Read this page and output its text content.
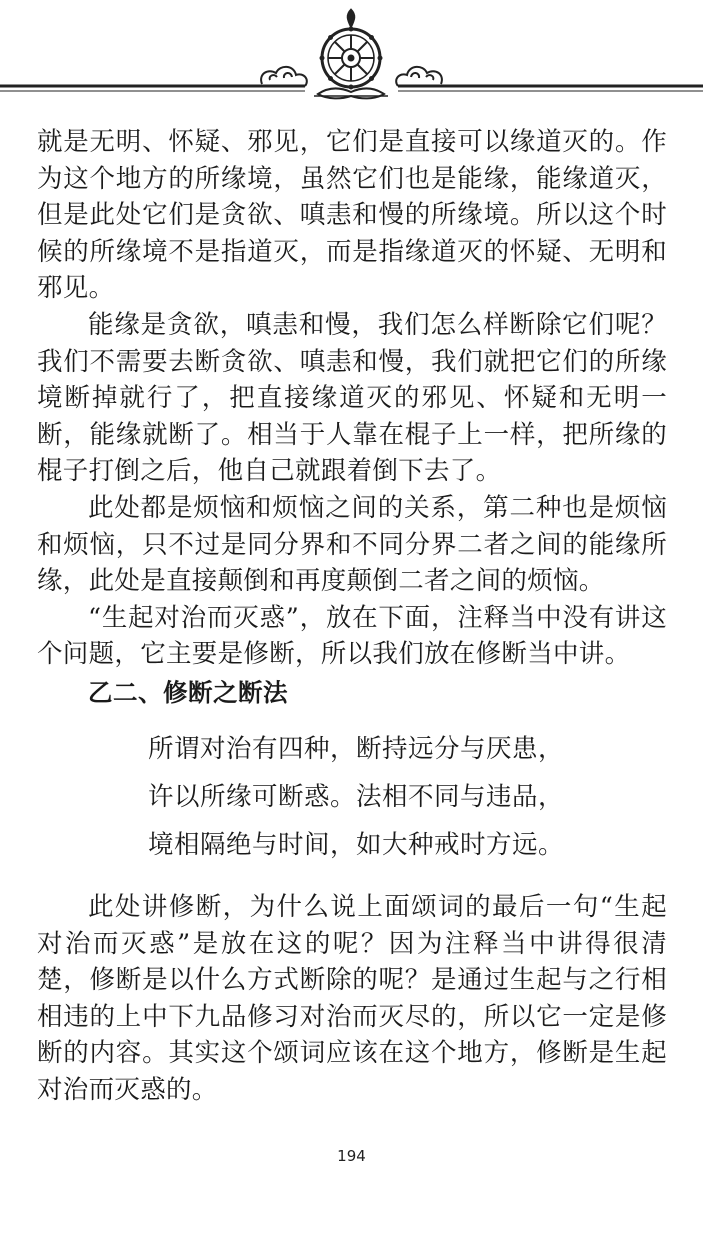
就是无明、怀疑、邪见，它们是直接可以缘道灭的。作为这个地方的所缘境，虽然它们也是能缘，能缘道灭，但是此处它们是贪欲、嗔恚和慢的所缘境。所以这个时候的所缘境不是指道灭，而是指缘道灭的怀疑、无明和邪见。

能缘是贪欲，嗔恚和慢，我们怎么样断除它们呢？我们不需要去断贪欲、嗔恚和慢，我们就把它们的所缘境断掉就行了，把直接缘道灭的邪见、怀疑和无明一断，能缘就断了。相当于人靠在棍子上一样，把所缘的棍子打倒之后，他自己就跟着倒下去了。

此处都是烦恼和烦恼之间的关系，第二种也是烦恼和烦恼，只不过是同分界和不同分界二者之间的能缘所缘，此处是直接颠倒和再度颠倒二者之间的烦恼。

“生起对治而灭惑”，放在下面，注释当中没有讲这个问题，它主要是修断，所以我们放在修断当中讲。

乙二、修断之断法
所谓对治有四种，断持远分与厌患，
许以所缘可断惑。法相不同与违品，
境相隔绝与时间，如大种戒时方远。

此处讲修断，为什么说上面颂词的最后一句“生起对治而灭惑”是放在这的呢？因为注释当中讲得很清楚，修断是以什么方式断除的呢？是通过生起与之行相相违的上中下九品修习对治而灭尽的，所以它一定是修断的内容。其实这个颂词应该在这个地方，修断是生起对治而灭惑的。

194
